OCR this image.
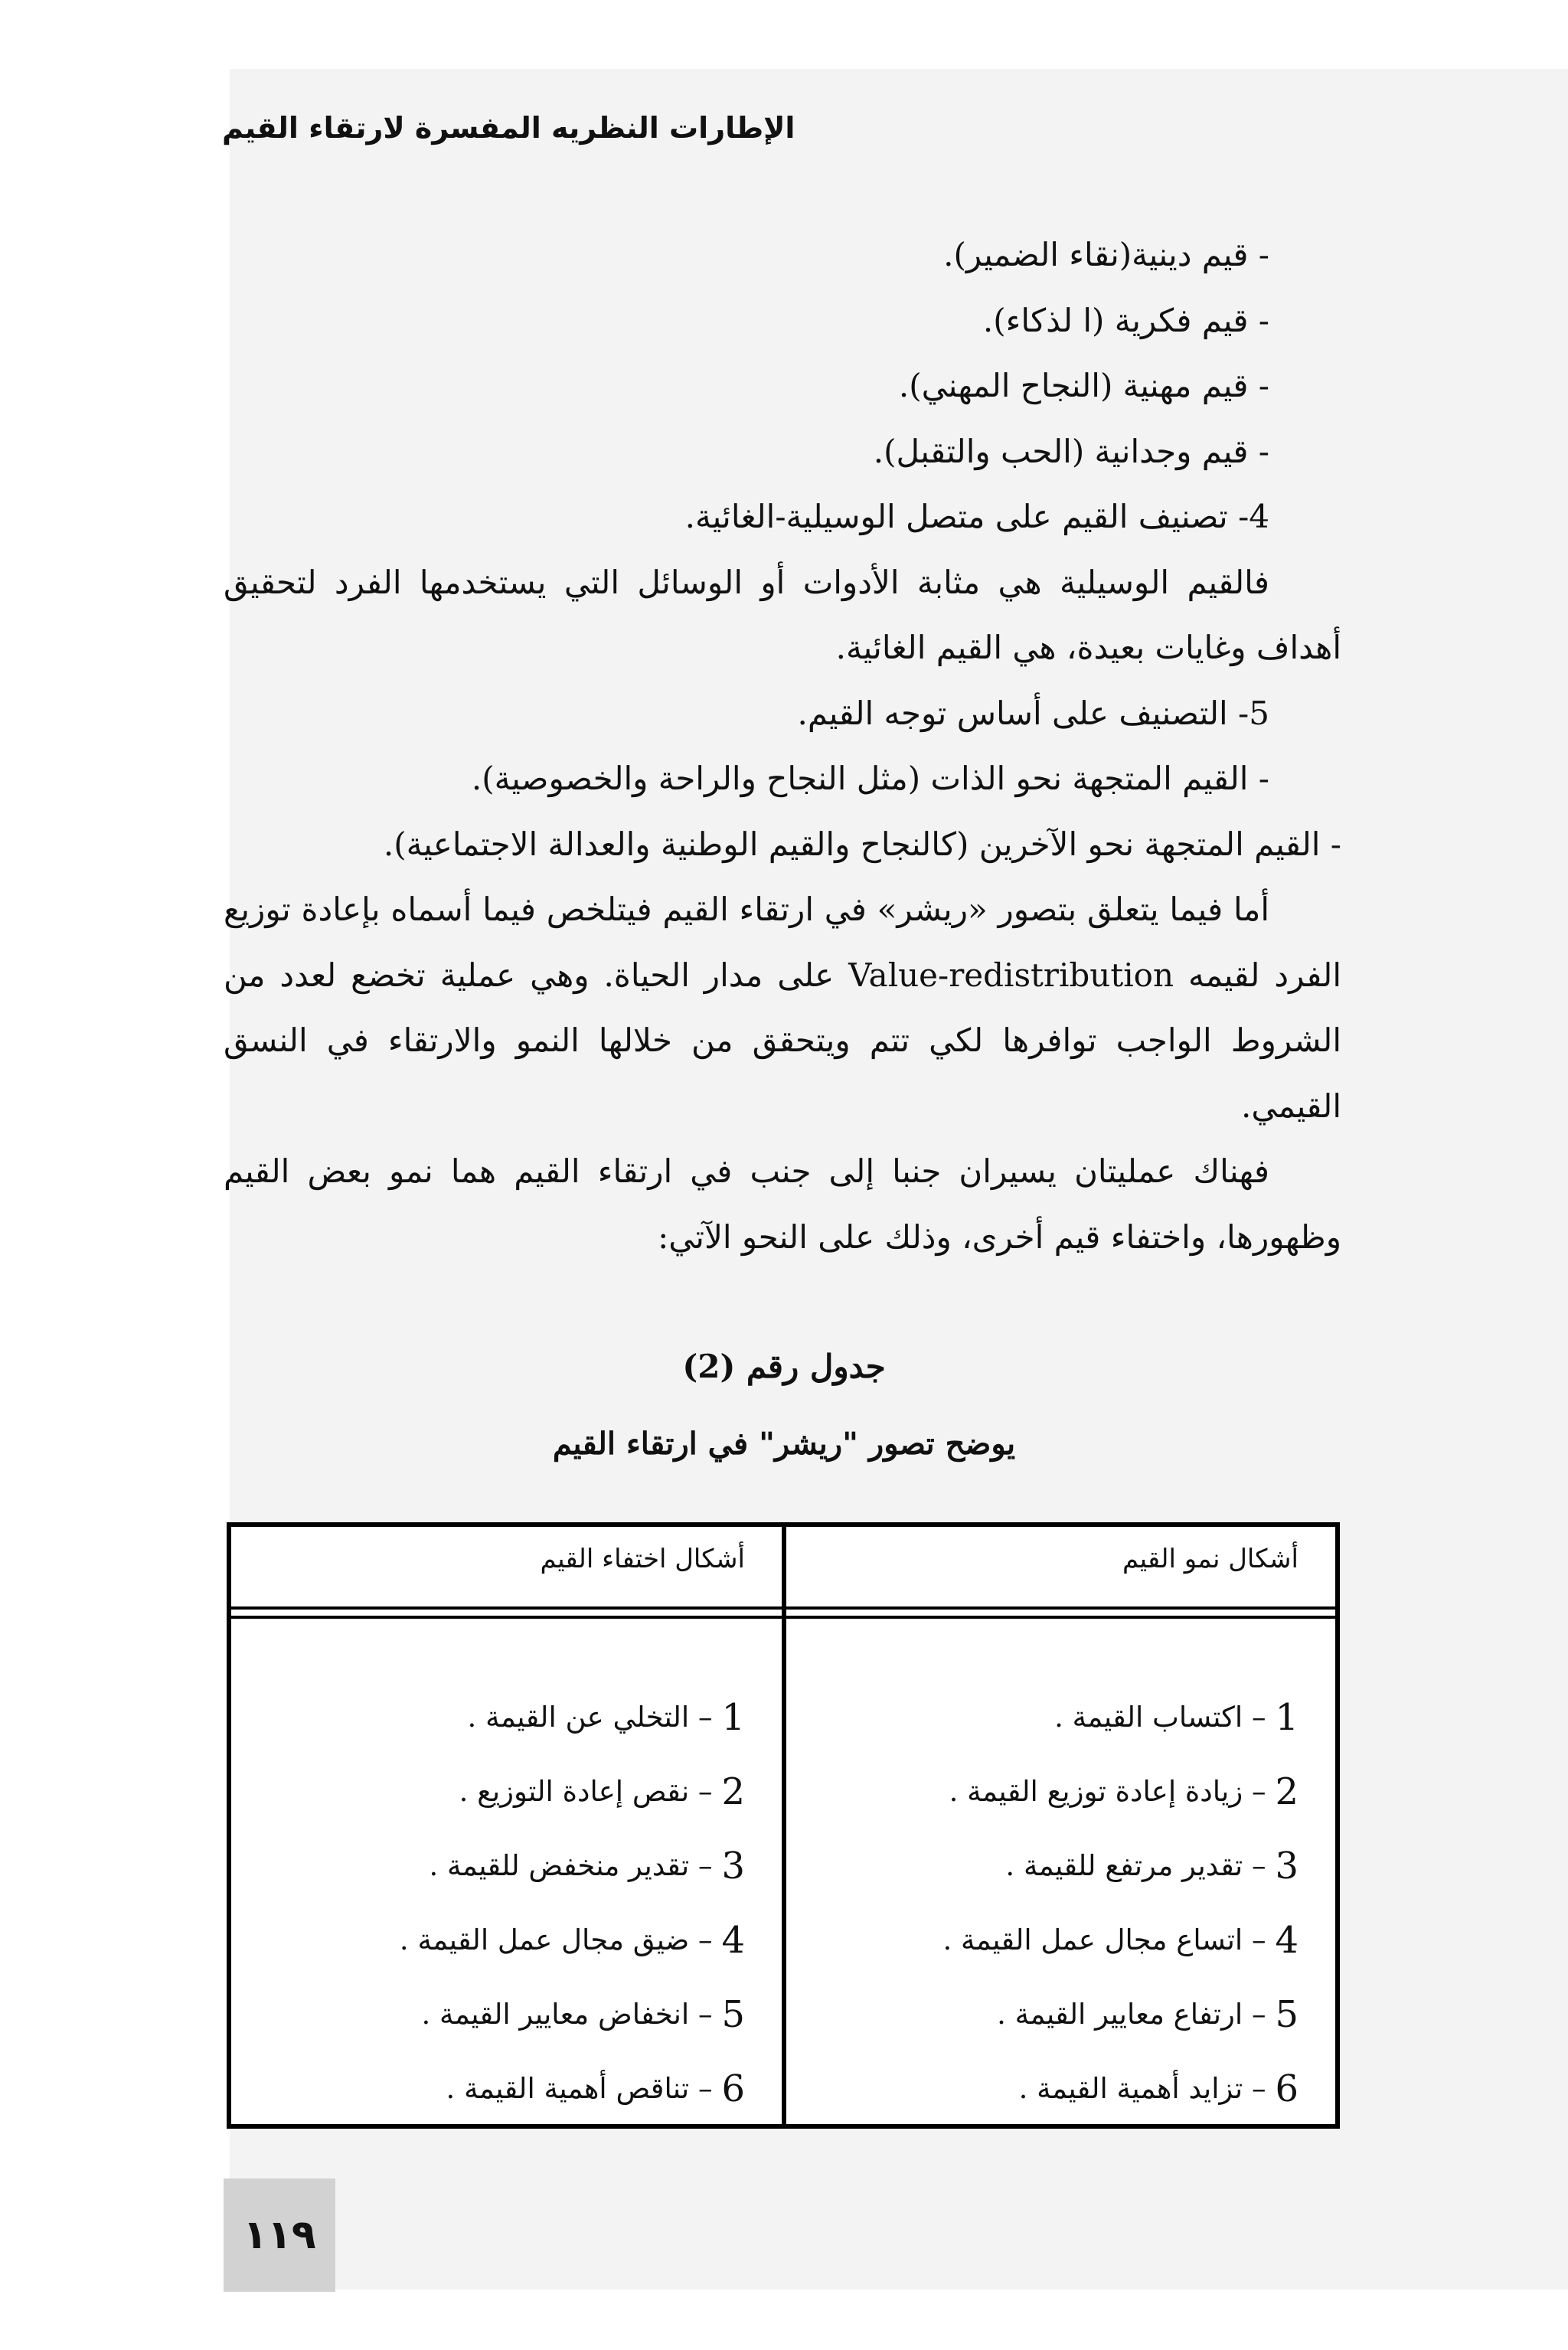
الإطارات النظريه المفسرة لارتقاء القيم

- قيم دينية(نقاء الضمير).

- قيم فكرية (ا لذكاء).

- قيم مهنية (النجاح المهني).

- قيم وجدانية (الحب والتقبل).

4- تصنيف القيم على متصل الوسيلية-الغائية.

فالقيم الوسيلية هي مثابة الأدوات أو الوسائل التي يستخدمها الفرد لتحقيق أهداف وغايات بعيدة، هي القيم الغائية.

5- التصنيف على أساس توجه القيم.

- القيم المتجهة نحو الذات (مثل النجاح والراحة والخصوصية).

- القيم المتجهة نحو الآخرين (كالنجاح والقيم الوطنية والعدالة الاجتماعية).

أما فيما يتعلق بتصور «ريشر» في ارتقاء القيم فيتلخص فيما أسماه بإعادة توزيع الفرد لقيمه Value-redistribution على مدار الحياة. وهي عملية تخضع لعدد من الشروط الواجب توافرها لكي تتم ويتحقق من خلالها النمو والارتقاء في النسق القيمي.

فهناك عمليتان يسيران جنبا إلى جنب في ارتقاء القيم هما نمو بعض القيم وظهورها، واختفاء قيم أخرى، وذلك على النحو الآتي:

جدول رقم (2)
يوضح تصور "ريشر" في ارتقاء القيم
أشكال نمو القيم
1
– اكتساب القيمة .
2
– زيادة إعادة توزيع القيمة .
3
– تقدير مرتفع للقيمة .
4
– اتساع مجال عمل القيمة .
5
– ارتفاع معايير القيمة .
6
– تزايد أهمية القيمة .
أشكال اختفاء القيم
1
– التخلي عن القيمة .
2
– نقص إعادة التوزيع .
3
– تقدير منخفض للقيمة .
4
– ضيق مجال عمل القيمة .
5
– انخفاض معايير القيمة .
6
– تناقص أهمية القيمة .
١١٩
